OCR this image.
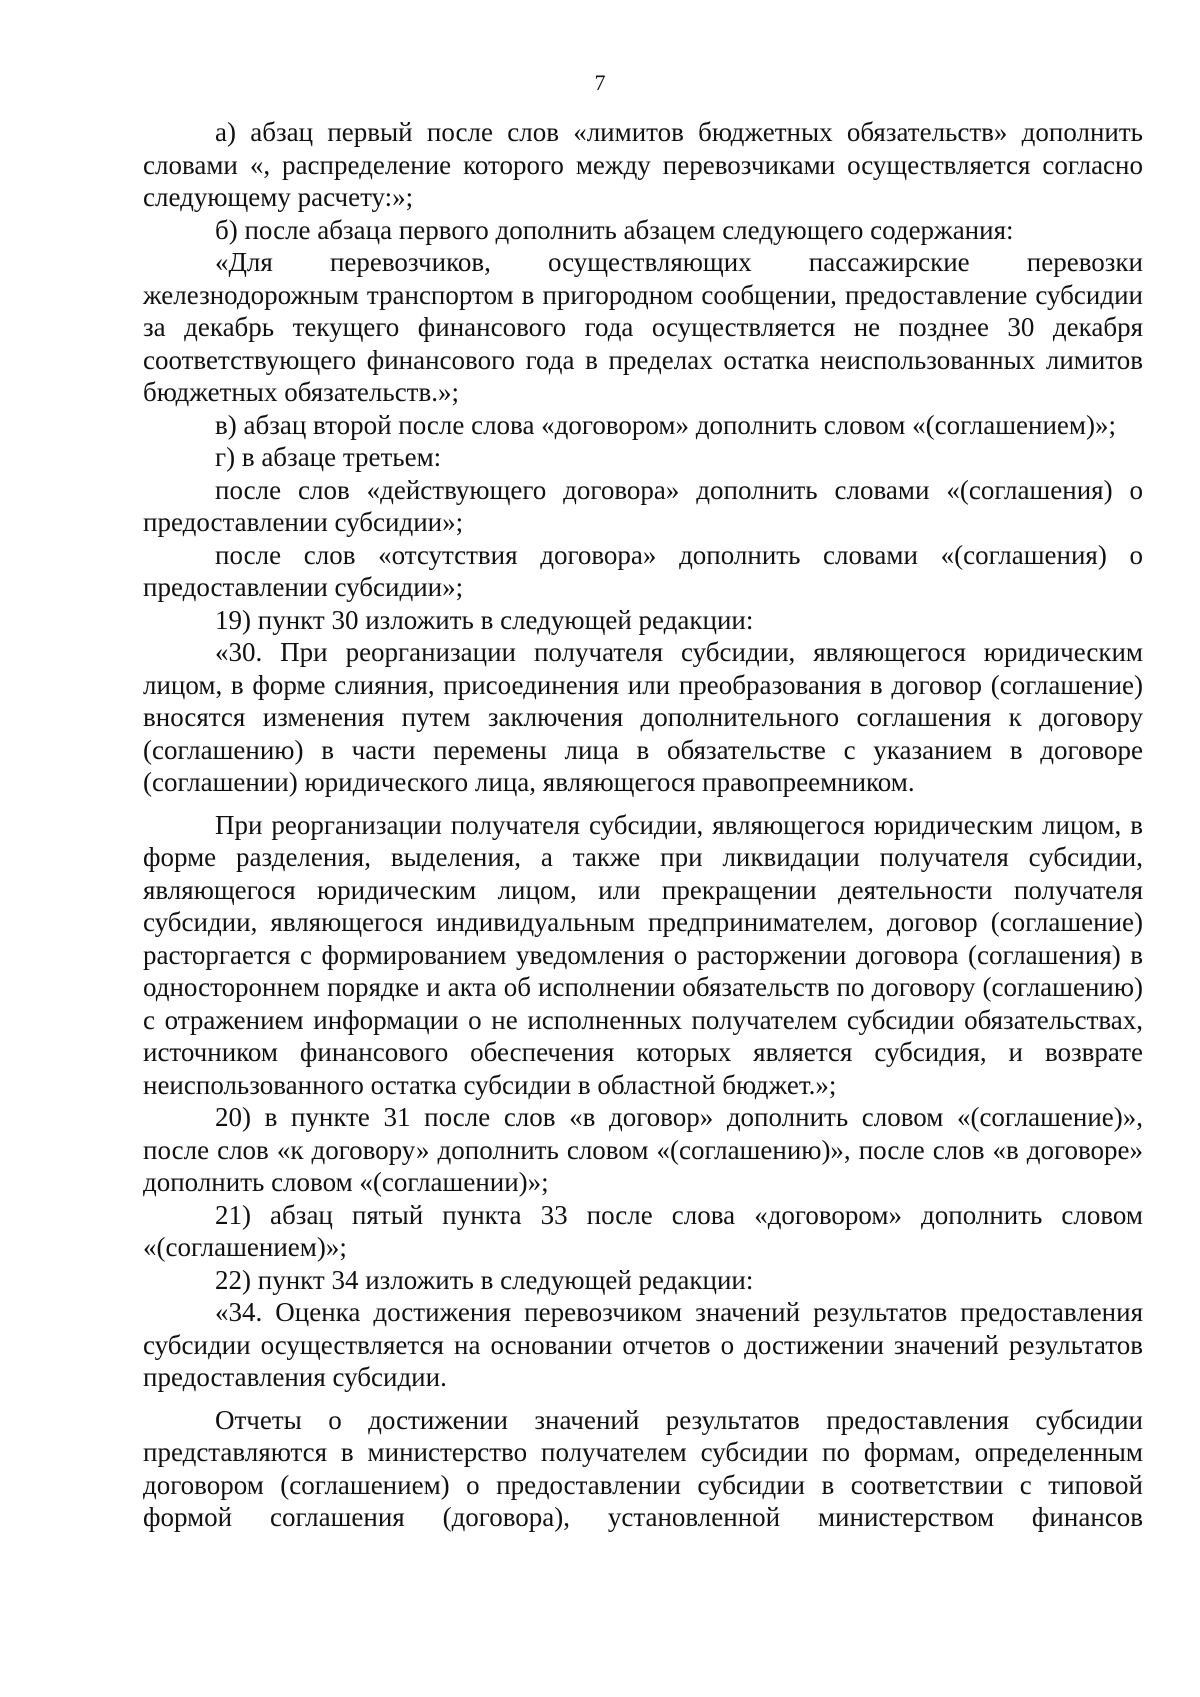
7

а) абзац первый после слов «лимитов бюджетных обязательств» дополнить словами «, распределение которого между перевозчиками осуществляется согласно следующему расчету:»;

б) после абзаца первого дополнить абзацем следующего содержания:

«Для перевозчиков, осуществляющих пассажирские перевозки железнодорожным транспортом в пригородном сообщении, предоставление субсидии за декабрь текущего финансового года осуществляется не позднее 30 декабря соответствующего финансового года в пределах остатка неиспользованных лимитов бюджетных обязательств.»;

в) абзац второй после слова «договором» дополнить словом «(соглашением)»;

г) в абзаце третьем:

после слов «действующего договора» дополнить словами «(соглашения) о предоставлении субсидии»;

после слов «отсутствия договора» дополнить словами «(соглашения) о предоставлении субсидии»;

19) пункт 30 изложить в следующей редакции:

«30. При реорганизации получателя субсидии, являющегося юридическим лицом, в форме слияния, присоединения или преобразования в договор (соглашение) вносятся изменения путем заключения дополнительного соглашения к договору (соглашению) в части перемены лица в обязательстве с указанием в договоре (соглашении) юридического лица, являющегося правопреемником.

При реорганизации получателя субсидии, являющегося юридическим лицом, в форме разделения, выделения, а также при ликвидации получателя субсидии, являющегося юридическим лицом, или прекращении деятельности получателя субсидии, являющегося индивидуальным предпринимателем, договор (соглашение) расторгается с формированием уведомления о расторжении договора (соглашения) в одностороннем порядке и акта об исполнении обязательств по договору (соглашению) с отражением информации о не исполненных получателем субсидии обязательствах, источником финансового обеспечения которых является субсидия, и возврате неиспользованного остатка субсидии в областной бюджет.»;

20) в пункте 31 после слов «в договор» дополнить словом «(соглашение)», после слов «к договору» дополнить словом «(соглашению)», после слов «в договоре» дополнить словом «(соглашении)»;

21) абзац пятый пункта 33 после слова «договором» дополнить словом «(соглашением)»;

22) пункт 34 изложить в следующей редакции:

«34. Оценка достижения перевозчиком значений результатов предоставления субсидии осуществляется на основании отчетов о достижении значений результатов предоставления субсидии.

Отчеты о достижении значений результатов предоставления субсидии представляются в министерство получателем субсидии по формам, определенным договором (соглашением) о предоставлении субсидии в соответствии с типовой формой соглашения (договора), установленной министерством финансов
